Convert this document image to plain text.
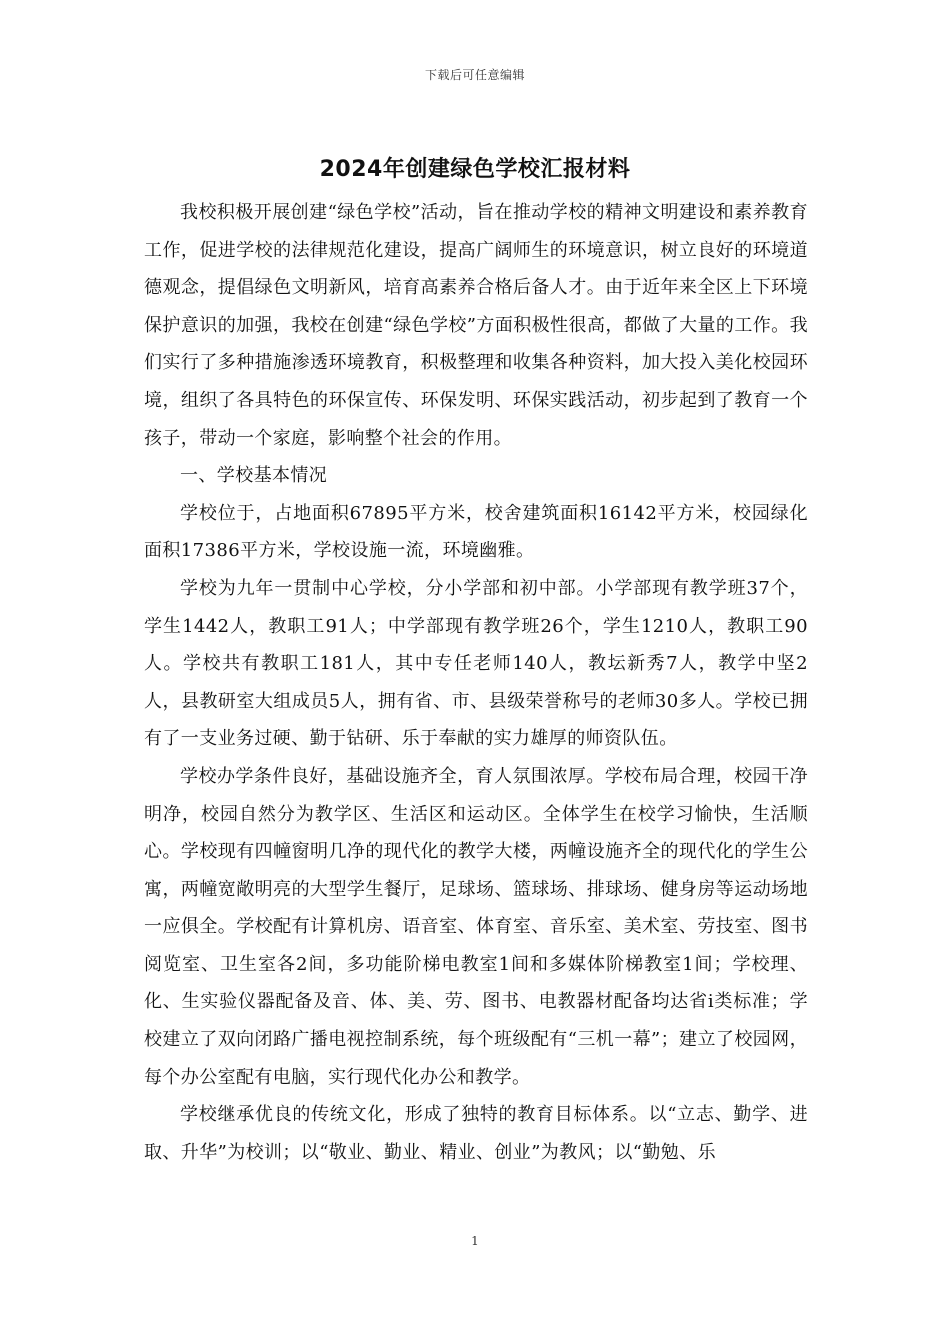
下载后可任意编辑
2024年创建绿色学校汇报材料

我校积极开展创建“绿色学校”活动，旨在推动学校的精神文明建设和素养教育工作，促进学校的法律规范化建设，提高广阔师生的环境意识，树立良好的环境道德观念，提倡绿色文明新风，培育高素养合格后备人才。由于近年来全区上下环境保护意识的加强，我校在创建“绿色学校”方面积极性很高，都做了大量的工作。我们实行了多种措施渗透环境教育，积极整理和收集各种资料，加大投入美化校园环境，组织了各具特色的环保宣传、环保发明、环保实践活动，初步起到了教育一个孩子，带动一个家庭，影响整个社会的作用。

一、学校基本情况

学校位于，占地面积67895平方米，校舍建筑面积16142平方米，校园绿化面积17386平方米，学校设施一流，环境幽雅。

学校为九年一贯制中心学校，分小学部和初中部。小学部现有教学班37个，学生1442人，教职工91人；中学部现有教学班26个，学生1210人，教职工90人。学校共有教职工181人，其中专任老师140人，教坛新秀7人，教学中坚2人，县教研室大组成员5人，拥有省、市、县级荣誉称号的老师30多人。学校已拥有了一支业务过硬、勤于钻研、乐于奉献的实力雄厚的师资队伍。

学校办学条件良好，基础设施齐全，育人氛围浓厚。学校布局合理，校园干净明净，校园自然分为教学区、生活区和运动区。全体学生在校学习愉快，生活顺心。学校现有四幢窗明几净的现代化的教学大楼，两幢设施齐全的现代化的学生公寓，两幢宽敞明亮的大型学生餐厅，足球场、篮球场、排球场、健身房等运动场地一应俱全。学校配有计算机房、语音室、体育室、音乐室、美术室、劳技室、图书阅览室、卫生室各2间，多功能阶梯电教室1间和多媒体阶梯教室1间；学校理、化、生实验仪器配备及音、体、美、劳、图书、电教器材配备均达省ⅰ类标准；学校建立了双向闭路广播电视控制系统，每个班级配有“三机一幕”；建立了校园网，每个办公室配有电脑，实行现代化办公和教学。

学校继承优良的传统文化，形成了独特的教育目标体系。以“立志、勤学、进取、升华”为校训；以“敬业、勤业、精业、创业”为教风；以“勤勉、乐

1
